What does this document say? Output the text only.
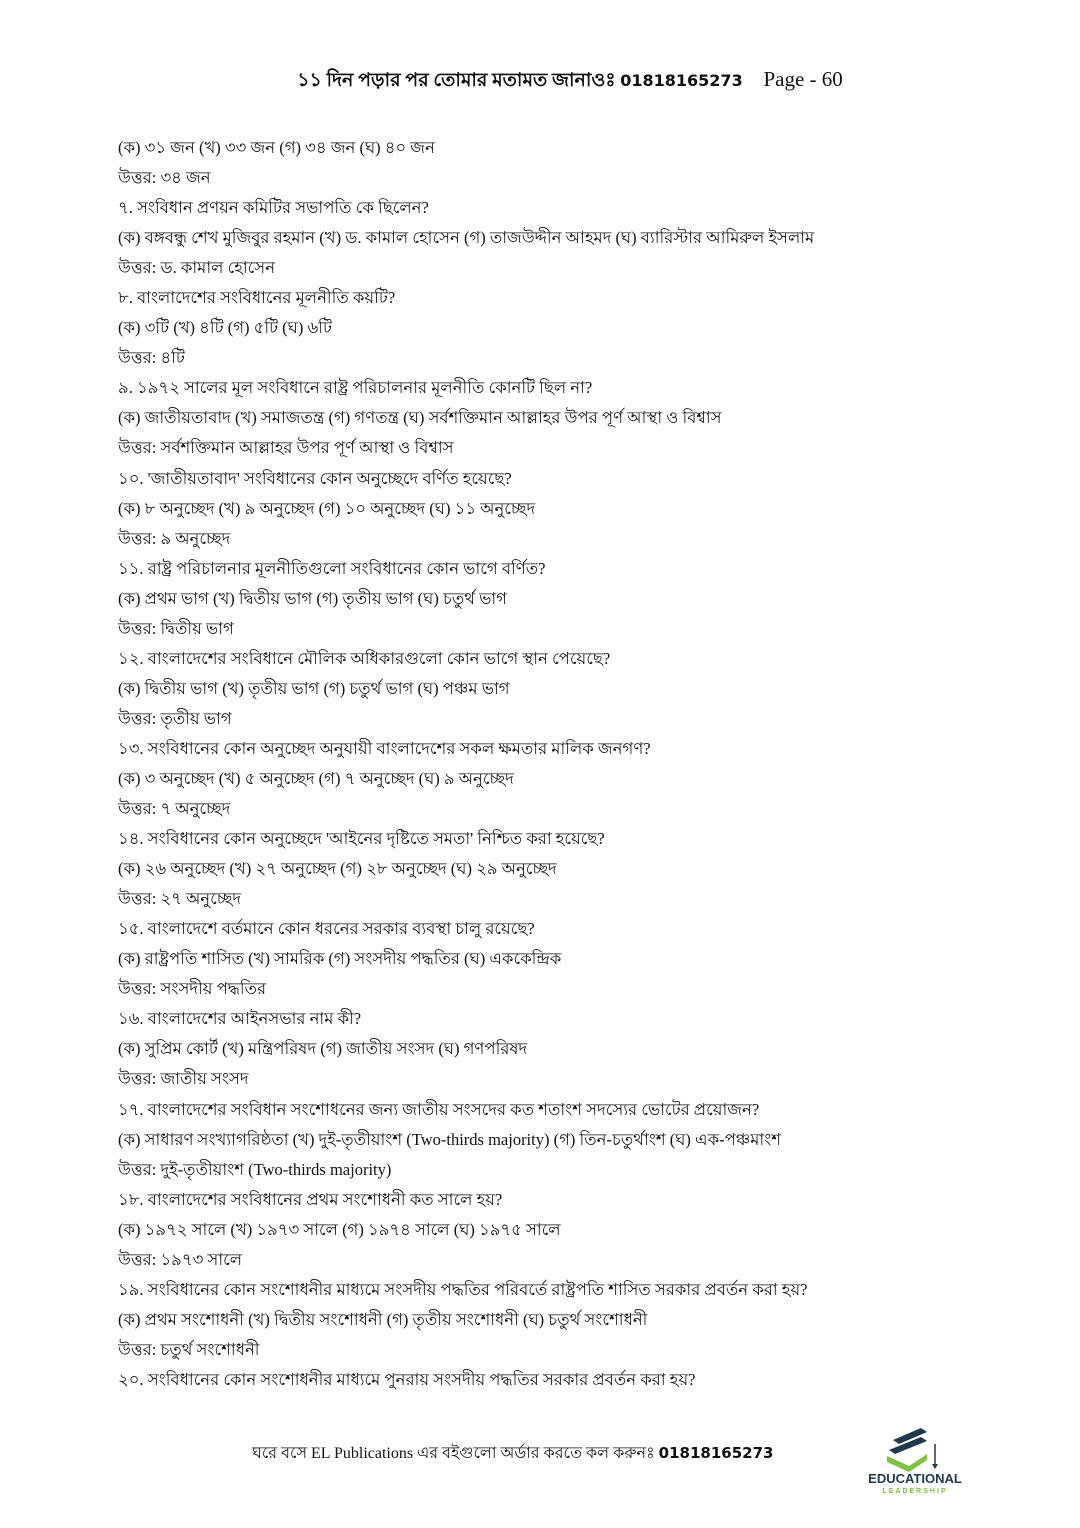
১১ দিন পড়ার পর তোমার মতামত জানাওঃ 01818165273 Page - 60
(ক) ৩১ জন (খ) ৩৩ জন (গ) ৩৪ জন (ঘ) ৪০ জন
উত্তর: ৩৪ জন
৭. সংবিধান প্রণয়ন কমিটির সভাপতি কে ছিলেন?
(ক) বঙ্গবন্ধু শেখ মুজিবুর রহমান (খ) ড. কামাল হোসেন (গ) তাজউদ্দীন আহমদ (ঘ) ব্যারিস্টার আমিরুল ইসলাম
উত্তর: ড. কামাল হোসেন
৮. বাংলাদেশের সংবিধানের মূলনীতি কয়টি?
(ক) ৩টি (খ) ৪টি (গ) ৫টি (ঘ) ৬টি
উত্তর: ৪টি
৯. ১৯৭২ সালের মূল সংবিধানে রাষ্ট্র পরিচালনার মূলনীতি কোনটি ছিল না?
(ক) জাতীয়তাবাদ (খ) সমাজতন্ত্র (গ) গণতন্ত্র (ঘ) সর্বশক্তিমান আল্লাহর উপর পূর্ণ আস্থা ও বিশ্বাস
উত্তর: সর্বশক্তিমান আল্লাহর উপর পূর্ণ আস্থা ও বিশ্বাস
১০. 'জাতীয়তাবাদ' সংবিধানের কোন অনুচ্ছেদে বর্ণিত হয়েছে?
(ক) ৮ অনুচ্ছেদ (খ) ৯ অনুচ্ছেদ (গ) ১০ অনুচ্ছেদ (ঘ) ১১ অনুচ্ছেদ
উত্তর: ৯ অনুচ্ছেদ
১১. রাষ্ট্র পরিচালনার মূলনীতিগুলো সংবিধানের কোন ভাগে বর্ণিত?
(ক) প্রথম ভাগ (খ) দ্বিতীয় ভাগ (গ) তৃতীয় ভাগ (ঘ) চতুর্থ ভাগ
উত্তর: দ্বিতীয় ভাগ
১২. বাংলাদেশের সংবিধানে মৌলিক অধিকারগুলো কোন ভাগে স্থান পেয়েছে?
(ক) দ্বিতীয় ভাগ (খ) তৃতীয় ভাগ (গ) চতুর্থ ভাগ (ঘ) পঞ্চম ভাগ
উত্তর: তৃতীয় ভাগ
১৩. সংবিধানের কোন অনুচ্ছেদ অনুযায়ী বাংলাদেশের সকল ক্ষমতার মালিক জনগণ?
(ক) ৩ অনুচ্ছেদ (খ) ৫ অনুচ্ছেদ (গ) ৭ অনুচ্ছেদ (ঘ) ৯ অনুচ্ছেদ
উত্তর: ৭ অনুচ্ছেদ
১৪. সংবিধানের কোন অনুচ্ছেদে 'আইনের দৃষ্টিতে সমতা' নিশ্চিত করা হয়েছে?
(ক) ২৬ অনুচ্ছেদ (খ) ২৭ অনুচ্ছেদ (গ) ২৮ অনুচ্ছেদ (ঘ) ২৯ অনুচ্ছেদ
উত্তর: ২৭ অনুচ্ছেদ
১৫. বাংলাদেশে বর্তমানে কোন ধরনের সরকার ব্যবস্থা চালু রয়েছে?
(ক) রাষ্ট্রপতি শাসিত (খ) সামরিক (গ) সংসদীয় পদ্ধতির (ঘ) এককেন্দ্রিক
উত্তর: সংসদীয় পদ্ধতির
১৬. বাংলাদেশের আইনসভার নাম কী?
(ক) সুপ্রিম কোর্ট (খ) মন্ত্রিপরিষদ (গ) জাতীয় সংসদ (ঘ) গণপরিষদ
উত্তর: জাতীয় সংসদ
১৭. বাংলাদেশের সংবিধান সংশোধনের জন্য জাতীয় সংসদের কত শতাংশ সদস্যের ভোটের প্রয়োজন?
(ক) সাধারণ সংখ্যাগরিষ্ঠতা (খ) দুই-তৃতীয়াংশ (Two-thirds majority) (গ) তিন-চতুর্থাংশ (ঘ) এক-পঞ্চমাংশ
উত্তর: দুই-তৃতীয়াংশ (Two-thirds majority)
১৮. বাংলাদেশের সংবিধানের প্রথম সংশোধনী কত সালে হয়?
(ক) ১৯৭২ সালে (খ) ১৯৭৩ সালে (গ) ১৯৭৪ সালে (ঘ) ১৯৭৫ সালে
উত্তর: ১৯৭৩ সালে
১৯. সংবিধানের কোন সংশোধনীর মাধ্যমে সংসদীয় পদ্ধতির পরিবর্তে রাষ্ট্রপতি শাসিত সরকার প্রবর্তন করা হয়?
(ক) প্রথম সংশোধনী (খ) দ্বিতীয় সংশোধনী (গ) তৃতীয় সংশোধনী (ঘ) চতুর্থ সংশোধনী
উত্তর: চতুর্থ সংশোধনী
২০. সংবিধানের কোন সংশোধনীর মাধ্যমে পুনরায় সংসদীয় পদ্ধতির সরকার প্রবর্তন করা হয়?
ঘরে বসে EL Publications এর বইগুলো অর্ডার করতে কল করুনঃ 01818165273
EDUCATIONAL
LEADERSHIP
